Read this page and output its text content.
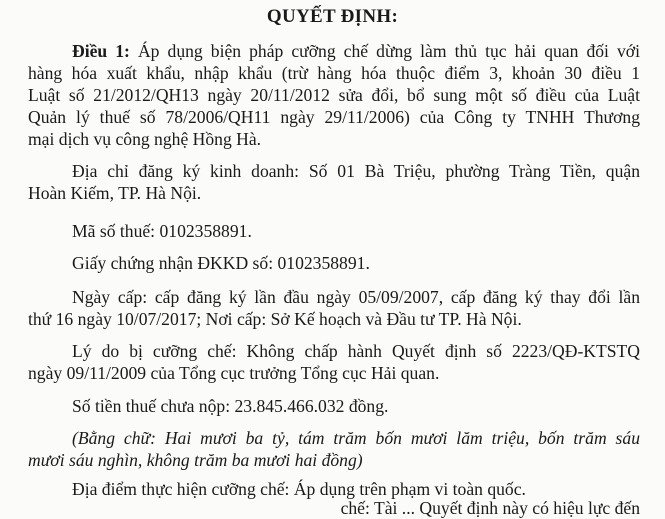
QUYẾT ĐỊNH:
Điều 1: Áp dụng biện pháp cưỡng chế dừng làm thủ tục hải quan đối với
hàng hóa xuất khẩu, nhập khẩu (trừ hàng hóa thuộc điểm 3, khoản 30 điều 1
Luật số 21/2012/QH13 ngày 20/11/2012 sửa đổi, bổ sung một số điều của Luật
Quản lý thuế số 78/2006/QH11 ngày 29/11/2006) của Công ty TNHH Thương
mại dịch vụ công nghệ Hồng Hà.
Địa chỉ đăng ký kinh doanh: Số 01 Bà Triệu, phường Tràng Tiền, quận
Hoàn Kiếm, TP. Hà Nội.
Mã số thuế: 0102358891.
Giấy chứng nhận ĐKKD số: 0102358891.
Ngày cấp: cấp đăng ký lần đầu ngày 05/09/2007, cấp đăng ký thay đổi lần
thứ 16 ngày 10/07/2017; Nơi cấp: Sở Kế hoạch và Đầu tư TP. Hà Nội.
Lý do bị cưỡng chế: Không chấp hành Quyết định số 2223/QĐ-KTSTQ
ngày 09/11/2009 của Tổng cục trưởng Tổng cục Hải quan.
Số tiền thuế chưa nộp: 23.845.466.032 đồng.
(Bằng chữ: Hai mươi ba tỷ, tám trăm bốn mươi lăm triệu, bốn trăm sáu
mươi sáu nghìn, không trăm ba mươi hai đồng)
Địa điểm thực hiện cưỡng chế: Áp dụng trên phạm vi toàn quốc.
chế: Tài ... Quyết định này có hiệu lực đến
